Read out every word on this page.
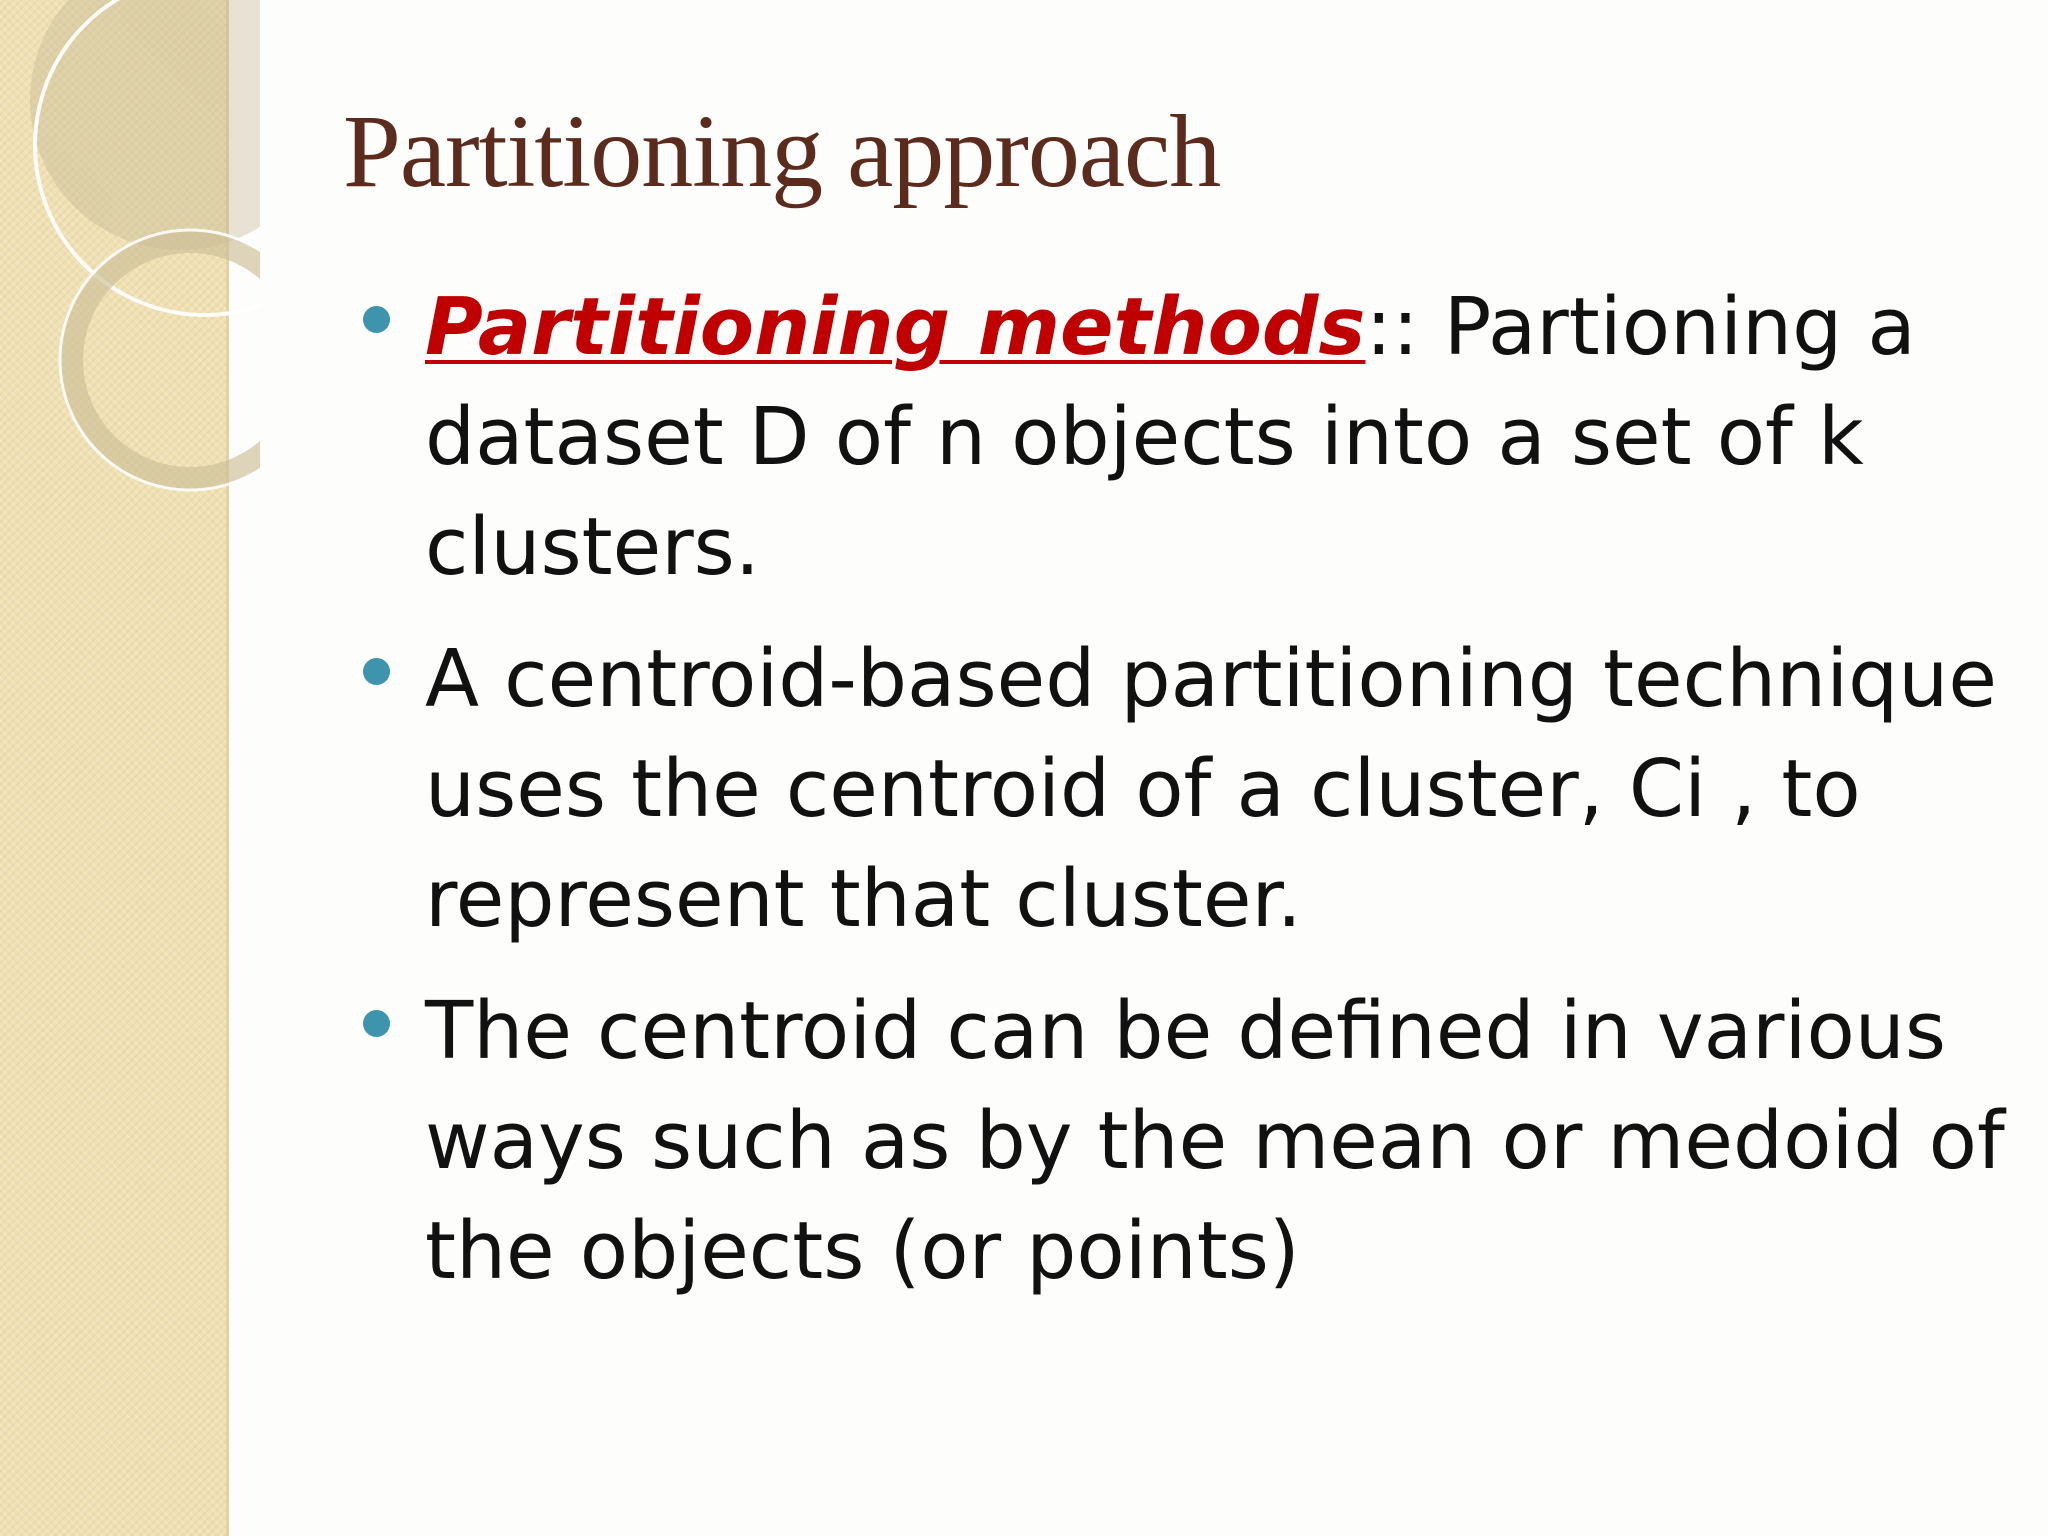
Partitioning approach
Partitioning methods:: Partioning a dataset D of n objects into a set of k clusters.
A centroid-based partitioning technique uses the centroid of a cluster, Ci , to represent that cluster.
The centroid can be defined in various ways such as by the mean or medoid of the objects (or points)
